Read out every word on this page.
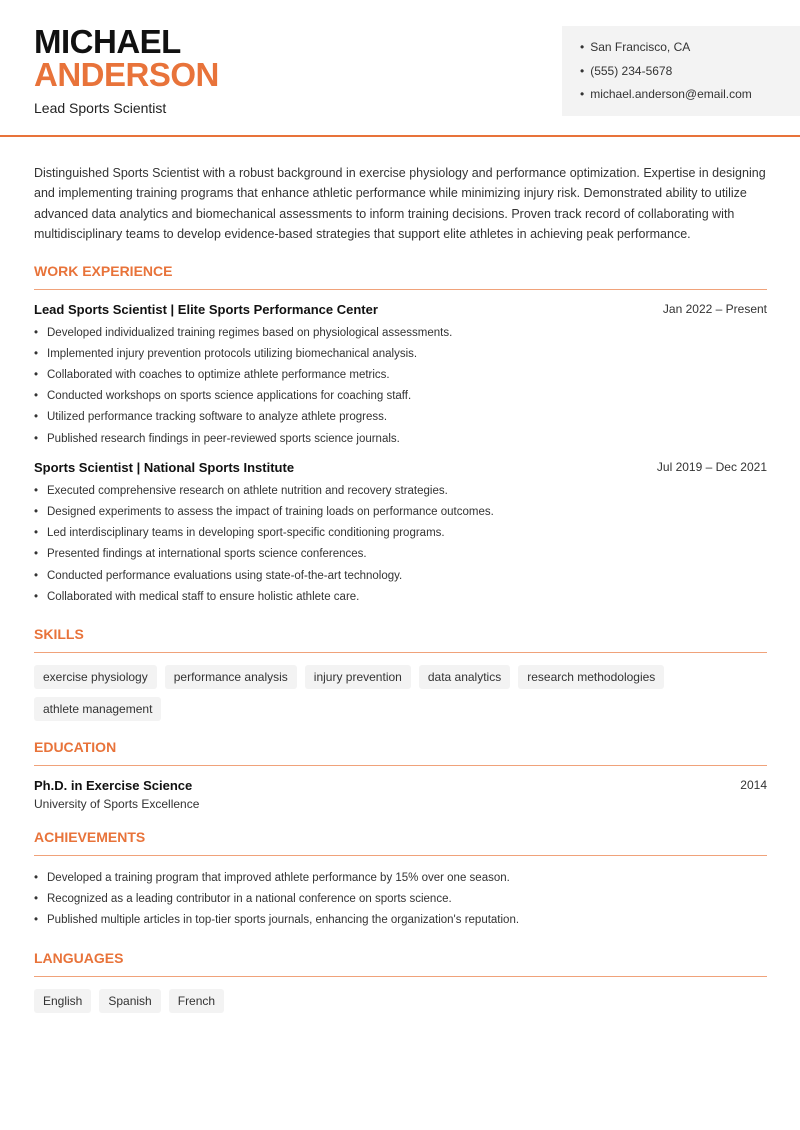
MICHAEL
ANDERSON
Lead Sports Scientist
• San Francisco, CA
• (555) 234-5678
• michael.anderson@email.com

Distinguished Sports Scientist with a robust background in exercise physiology and performance optimization. Expertise in designing and implementing training programs that enhance athletic performance while minimizing injury risk. Demonstrated ability to utilize advanced data analytics and biomechanical assessments to inform training decisions. Proven track record of collaborating with multidisciplinary teams to develop evidence-based strategies that support elite athletes in achieving peak performance.

WORK EXPERIENCE
Lead Sports Scientist | Elite Sports Performance Center	Jan 2022 – Present
• Developed individualized training regimes based on physiological assessments.
• Implemented injury prevention protocols utilizing biomechanical analysis.
• Collaborated with coaches to optimize athlete performance metrics.
• Conducted workshops on sports science applications for coaching staff.
• Utilized performance tracking software to analyze athlete progress.
• Published research findings in peer-reviewed sports science journals.
Sports Scientist | National Sports Institute	Jul 2019 – Dec 2021
• Executed comprehensive research on athlete nutrition and recovery strategies.
• Designed experiments to assess the impact of training loads on performance outcomes.
• Led interdisciplinary teams in developing sport-specific conditioning programs.
• Presented findings at international sports science conferences.
• Conducted performance evaluations using state-of-the-art technology.
• Collaborated with medical staff to ensure holistic athlete care.
SKILLS
exercise physiology	performance analysis	injury prevention	data analytics	research methodologies
athlete management
EDUCATION
Ph.D. in Exercise Science	2014
University of Sports Excellence
ACHIEVEMENTS
• Developed a training program that improved athlete performance by 15% over one season.
• Recognized as a leading contributor in a national conference on sports science.
• Published multiple articles in top-tier sports journals, enhancing the organization's reputation.
LANGUAGES
English	Spanish	French
